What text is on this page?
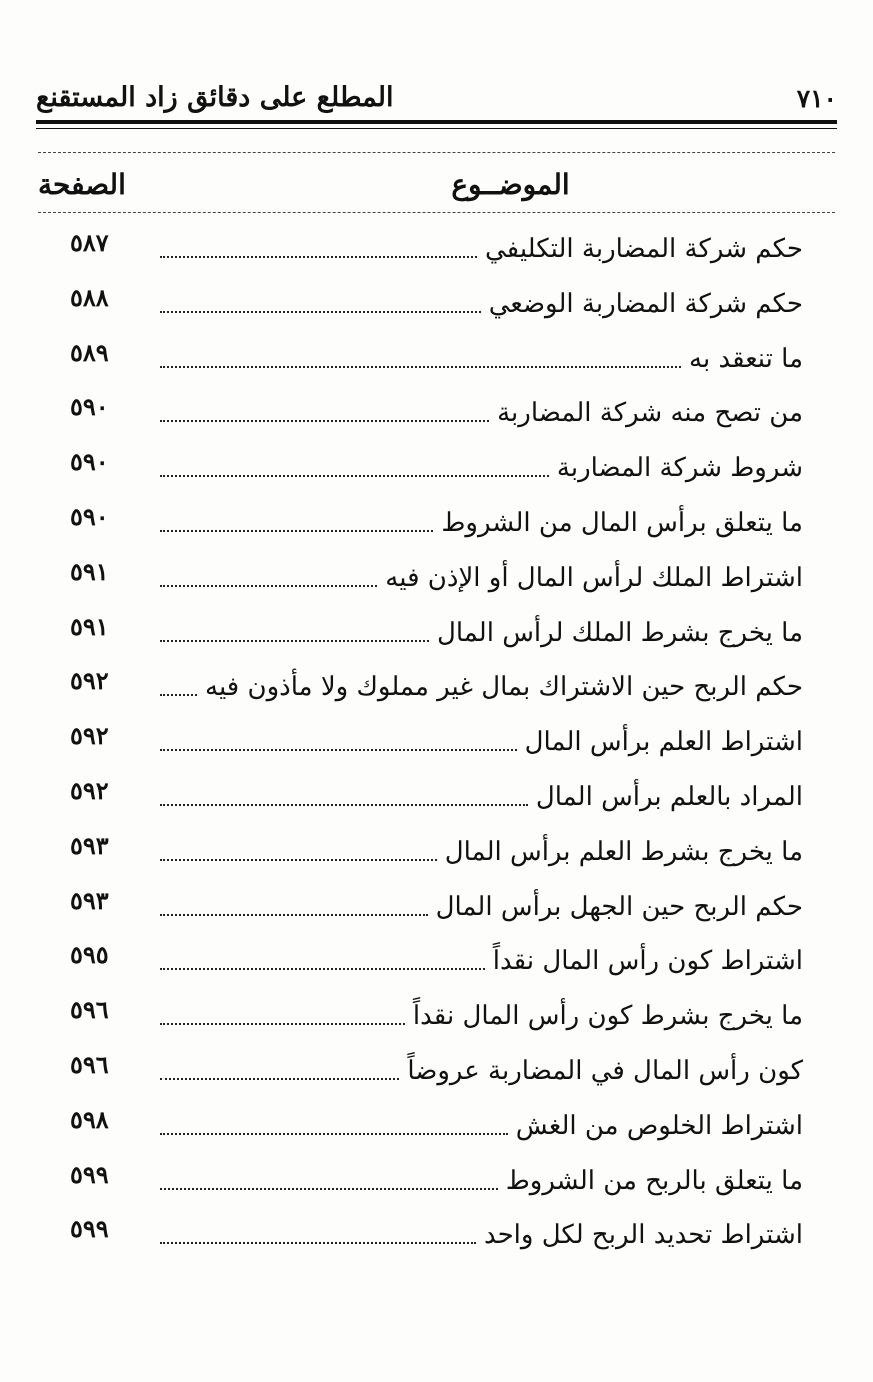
٧١٠
المطلع على دقائق زاد المستقنع
الموضــوع
الصفحة
حكم شركة المضاربة التكليفي
٥٨٧
حكم شركة المضاربة الوضعي
٥٨٨
ما تنعقد به
٥٨٩
من تصح منه شركة المضاربة
٥٩٠
شروط شركة المضاربة
٥٩٠
ما يتعلق برأس المال من الشروط
٥٩٠
اشتراط الملك لرأس المال أو الإذن فيه
٥٩١
ما يخرج بشرط الملك لرأس المال
٥٩١
حكم الربح حين الاشتراك بمال غير مملوك ولا مأذون فيه
٥٩٢
اشتراط العلم برأس المال
٥٩٢
المراد بالعلم برأس المال
٥٩٢
ما يخرج بشرط العلم برأس المال
٥٩٣
حكم الربح حين الجهل برأس المال
٥٩٣
اشتراط كون رأس المال نقداً
٥٩٥
ما يخرج بشرط كون رأس المال نقداً
٥٩٦
كون رأس المال في المضاربة عروضاً
٥٩٦
اشتراط الخلوص من الغش
٥٩٨
ما يتعلق بالربح من الشروط
٥٩٩
اشتراط تحديد الربح لكل واحد
٥٩٩
